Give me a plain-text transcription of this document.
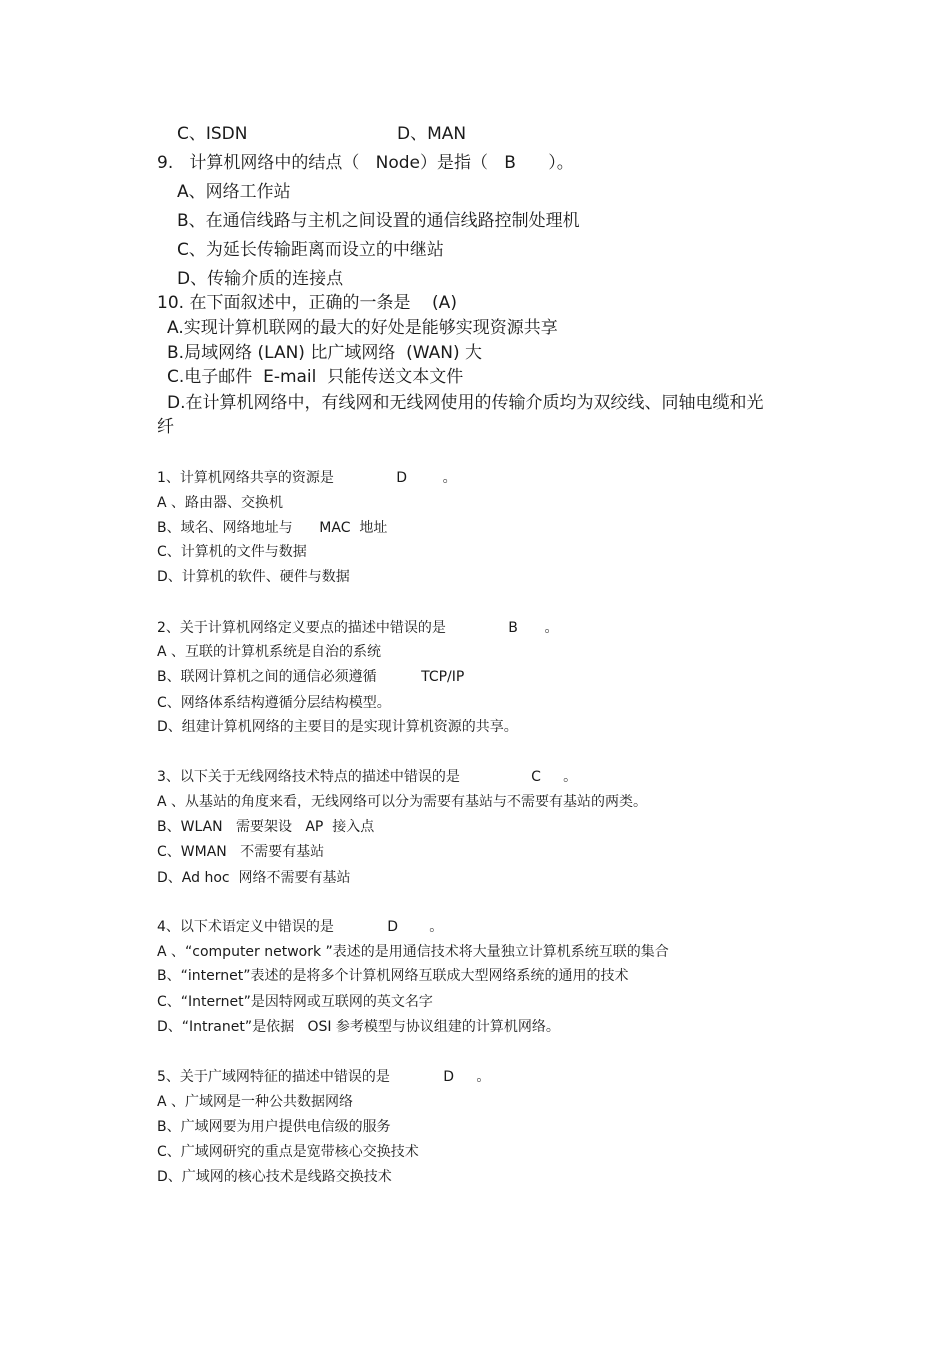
C、ISDN	D、MAN
9.   计算机网络中的结点（   Node）是指（   B      ）。
A、网络工作站
B、在通信线路与主机之间设置的通信线路控制处理机
C、为延长传输距离而设立的中继站
D、传输介质的连接点
10. 在下面叙述中，正确的一条是    (A)
A.实现计算机联网的最大的好处是能够实现资源共享
B.局域网络 (LAN) 比广域网络  (WAN) 大
C.电子邮件  E-mail  只能传送文本文件
D.在计算机网络中，有线网和无线网使用的传输介质均为双绞线、同轴电缆和光纤
1、计算机网络共享的资源是              D        。
A 、路由器、交换机
B、域名、网络地址与      MAC  地址
C、计算机的文件与数据
D、计算机的软件、硬件与数据
2、关于计算机网络定义要点的描述中错误的是              B      。
A 、互联的计算机系统是自治的系统
B、联网计算机之间的通信必须遵循          TCP/IP
C、网络体系结构遵循分层结构模型。
D、组建计算机网络的主要目的是实现计算机资源的共享。
3、以下关于无线网络技术特点的描述中错误的是                C     。
A 、从基站的角度来看，无线网络可以分为需要有基站与不需要有基站的两类。
B、WLAN   需要架设   AP  接入点
C、WMAN   不需要有基站
D、Ad hoc  网络不需要有基站
4、以下术语定义中错误的是            D       。
A 、“computer network ”表述的是用通信技术将大量独立计算机系统互联的集合
B、“internet”表述的是将多个计算机网络互联成大型网络系统的通用的技术
C、“Internet”是因特网或互联网的英文名字
D、“Intranet”是依据   OSI 参考模型与协议组建的计算机网络。
5、关于广域网特征的描述中错误的是            D     。
A 、广域网是一种公共数据网络
B、广域网要为用户提供电信级的服务
C、广域网研究的重点是宽带核心交换技术
D、广域网的核心技术是线路交换技术
